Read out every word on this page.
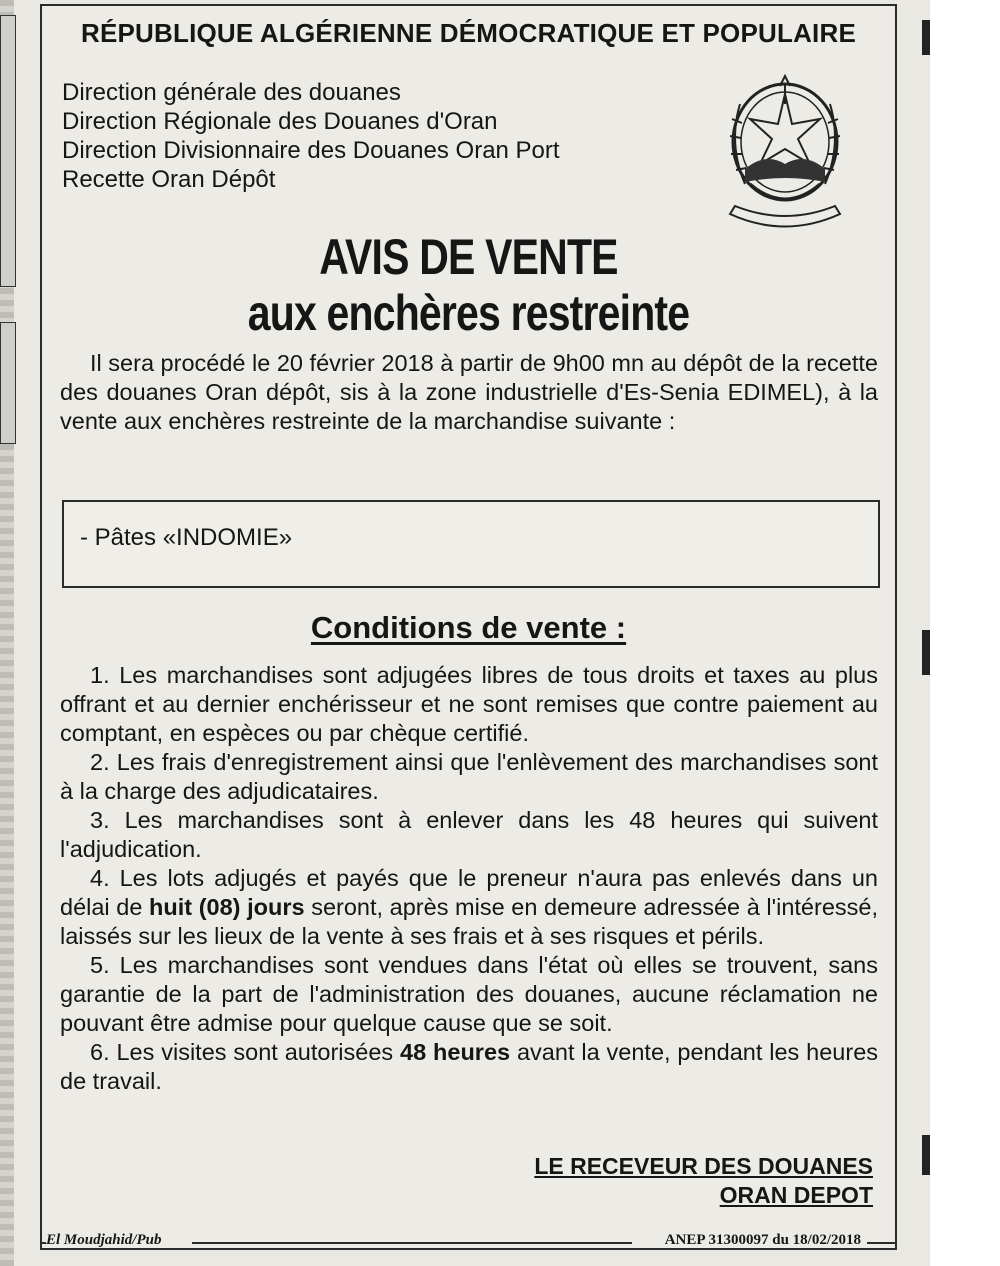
RÉPUBLIQUE ALGÉRIENNE DÉMOCRATIQUE ET POPULAIRE
Direction générale des douanes
Direction Régionale des Douanes d'Oran
Direction Divisionnaire des Douanes Oran Port
Recette Oran Dépôt
AVIS DE VENTE
aux enchères restreinte
Il sera procédé le 20 février 2018 à partir de 9h00 mn au dépôt de la recette des douanes Oran dépôt, sis à la zone industrielle d'Es-Senia EDIMEL), à la vente aux enchères restreinte de la marchandise suivante :
- Pâtes «INDOMIE»
Conditions de vente :

1. Les marchandises sont adjugées libres de tous droits et taxes au plus offrant et au dernier enchérisseur et ne sont remises que contre paiement au comptant, en espèces ou par chèque certifié.

2. Les frais d'enregistrement ainsi que l'enlèvement des marchandises sont à la charge des adjudicataires.

3. Les marchandises sont à enlever dans les 48 heures qui suivent l'adjudication.

4. Les lots adjugés et payés que le preneur n'aura pas enlevés dans un délai de huit (08) jours seront, après mise en demeure adressée à l'intéressé, laissés sur les lieux de la vente à ses frais et à ses risques et périls.

5. Les marchandises sont vendues dans l'état où elles se trouvent, sans garantie de la part de l'administration des douanes, aucune réclamation ne pouvant être admise pour quelque cause que se soit.

6. Les visites sont autorisées 48 heures avant la vente, pendant les heures de travail.

LE RECEVEUR DES DOUANES
ORAN DEPOT
El Moudjahid/Pub	ANEP 31300097 du 18/02/2018
